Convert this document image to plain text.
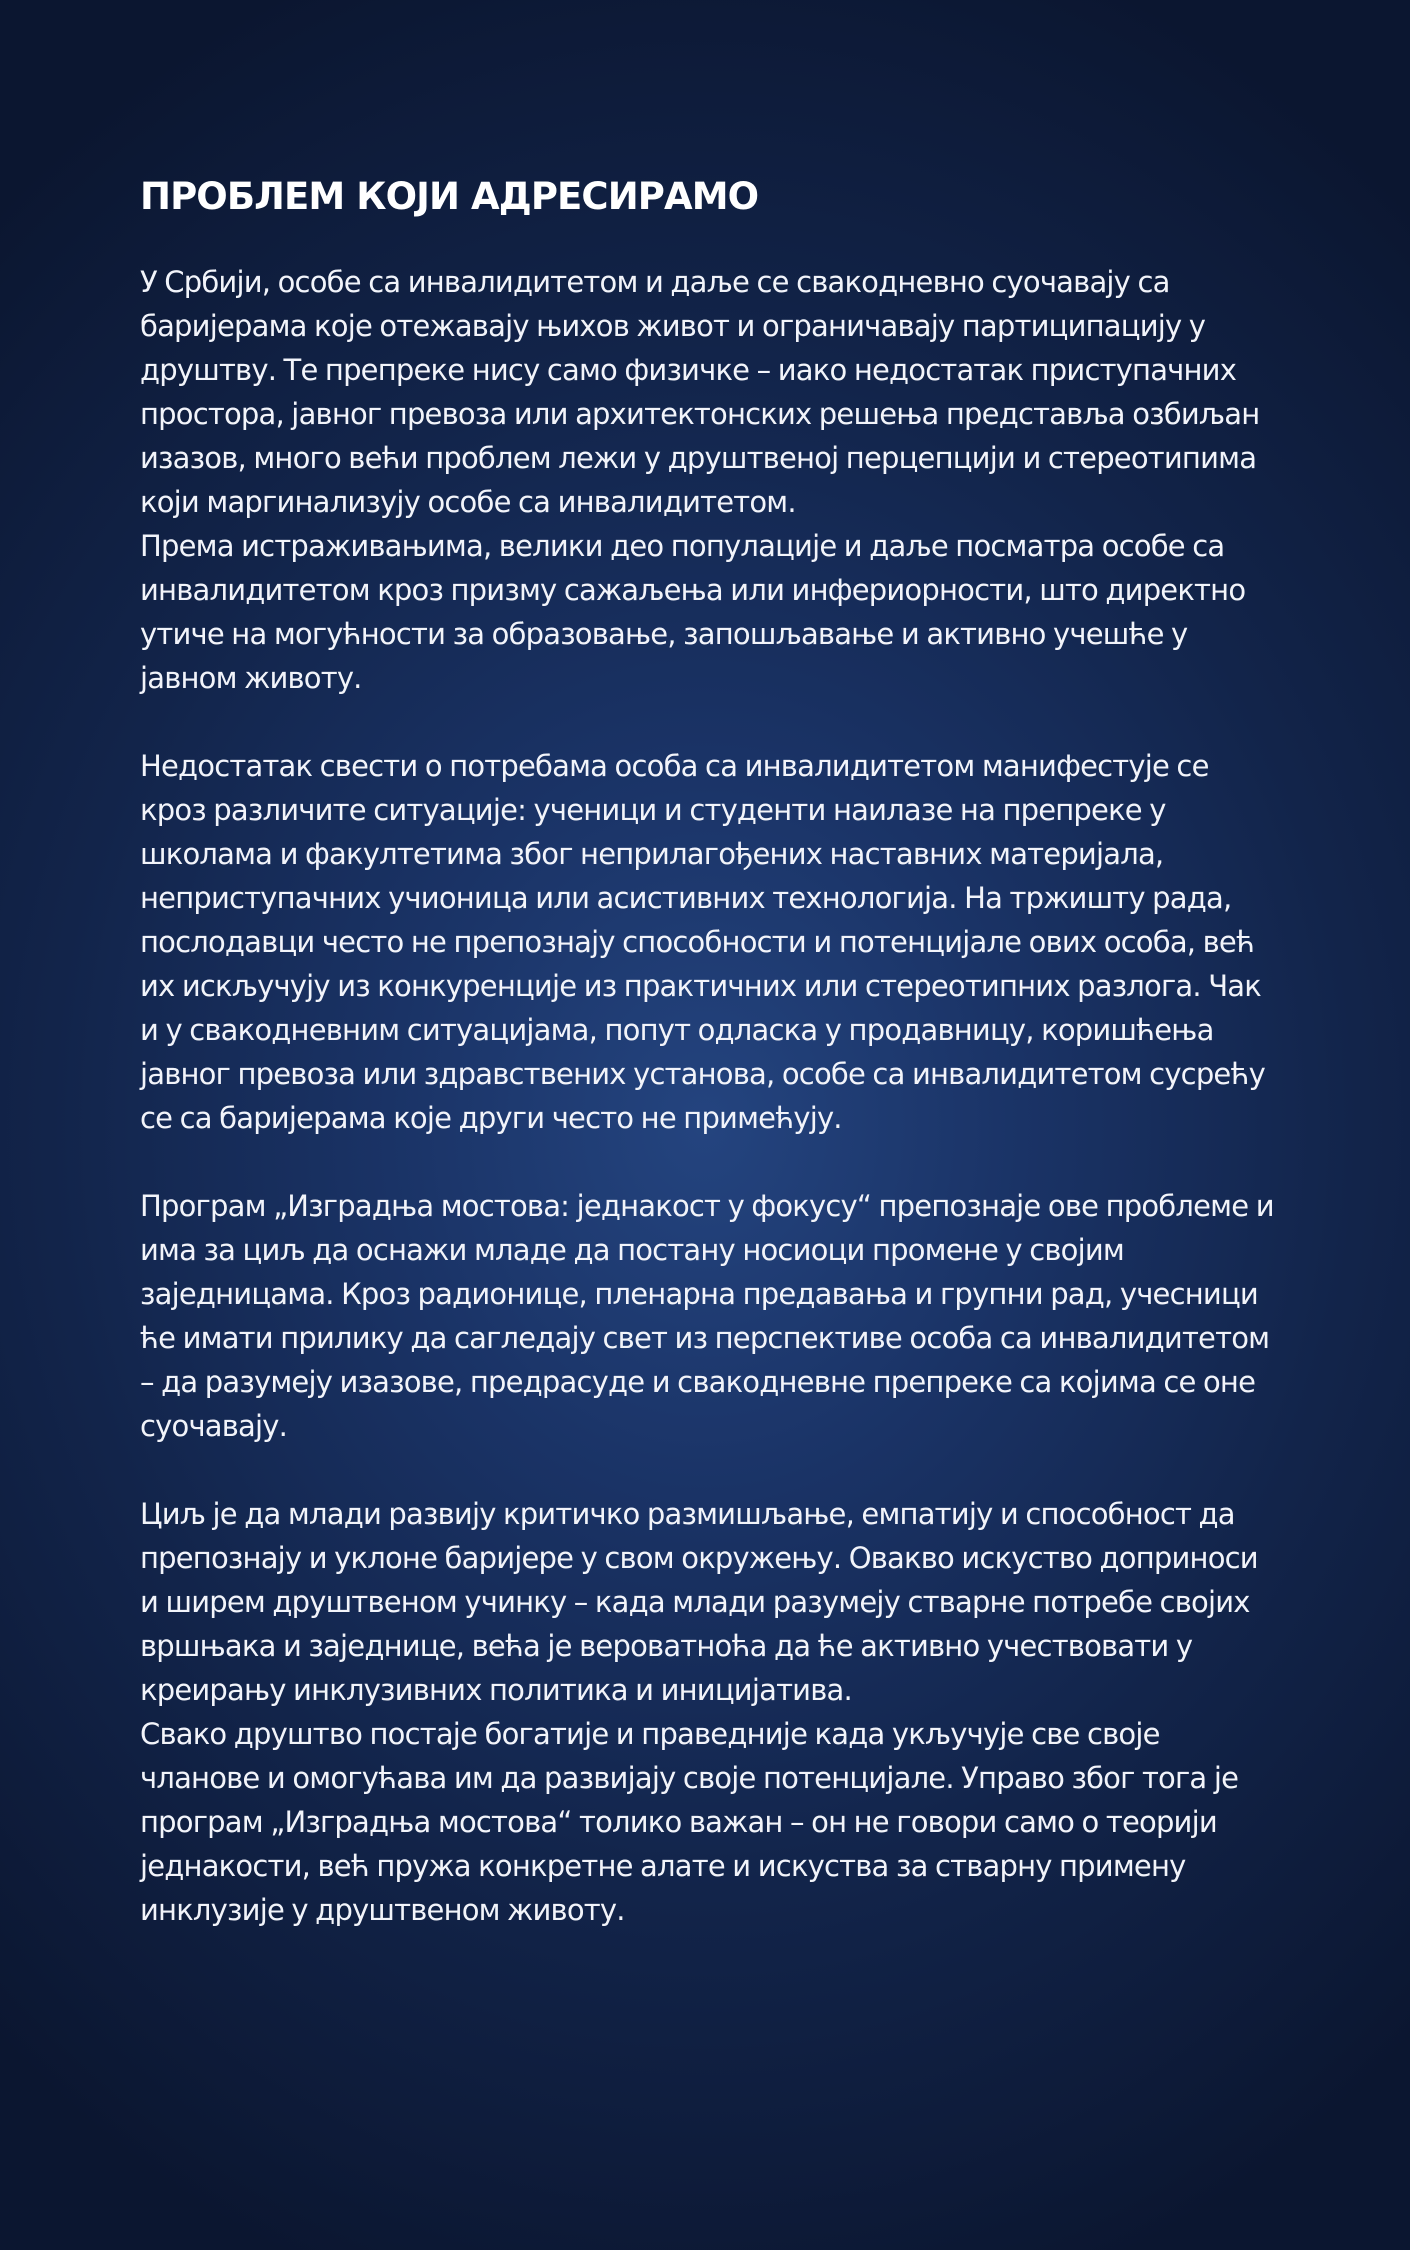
ПРОБЛЕМ КОЈИ АДРЕСИРАМО

У Србији, особе са инвалидитетом и даље се свакодневно суочавају са баријерама које отежавају њихов живот и ограничавају партиципацију у друштву. Те препреке нису само физичке – иако недостатак приступачних простора, јавног превоза или архитектонских решења представља озбиљан изазов, много већи проблем лежи у друштвеној перцепцији и стереотипима који маргинализују особе са инвалидитетом.

Према истраживањима, велики део популације и даље посматра особе са инвалидитетом кроз призму сажаљења или инфериорности, што директно утиче на могућности за образовање, запошљавање и активно учешће у јавном животу.

Недостатак свести о потребама особа са инвалидитетом манифестује се кроз различите ситуације: ученици и студенти наилазе на препреке у школама и факултетима због неприлагођених наставних материјала, неприступачних учионица или асистивних технологија. На тржишту рада, послодавци често не препознају способности и потенцијале ових особа, већ их искључују из конкуренције из практичних или стереотипних разлога. Чак и у свакодневним ситуацијама, попут одласка у продавницу, коришћења јавног превоза или здравствених установа, особе са инвалидитетом сусрећу се са баријерама које други често не примећују.

Програм „Изградња мостова: једнакост у фокусу“ препознаје ове проблеме и има за циљ да оснажи младе да постану носиоци промене у својим заједницама. Кроз радионице, пленарна предавања и групни рад, учесници ће имати прилику да сагледају свет из перспективе особа са инвалидитетом – да разумеју изазове, предрасуде и свакодневне препреке са којима се оне суочавају.

Циљ је да млади развију критичко размишљање, емпатију и способност да препознају и уклоне баријере у свом окружењу. Овакво искуство доприноси и ширем друштвеном учинку – када млади разумеју стварне потребе својих вршњака и заједнице, већа је вероватноћа да ће активно учествовати у креирању инклузивних политика и иницијатива.

Свако друштво постаје богатије и праведније када укључује све своје чланове и омогућава им да развијају своје потенцијале. Управо због тога је програм „Изградња мостова“ толико важан – он не говори само о теорији једнакости, већ пружа конкретне алате и искуства за стварну примену инклузије у друштвеном животу.
